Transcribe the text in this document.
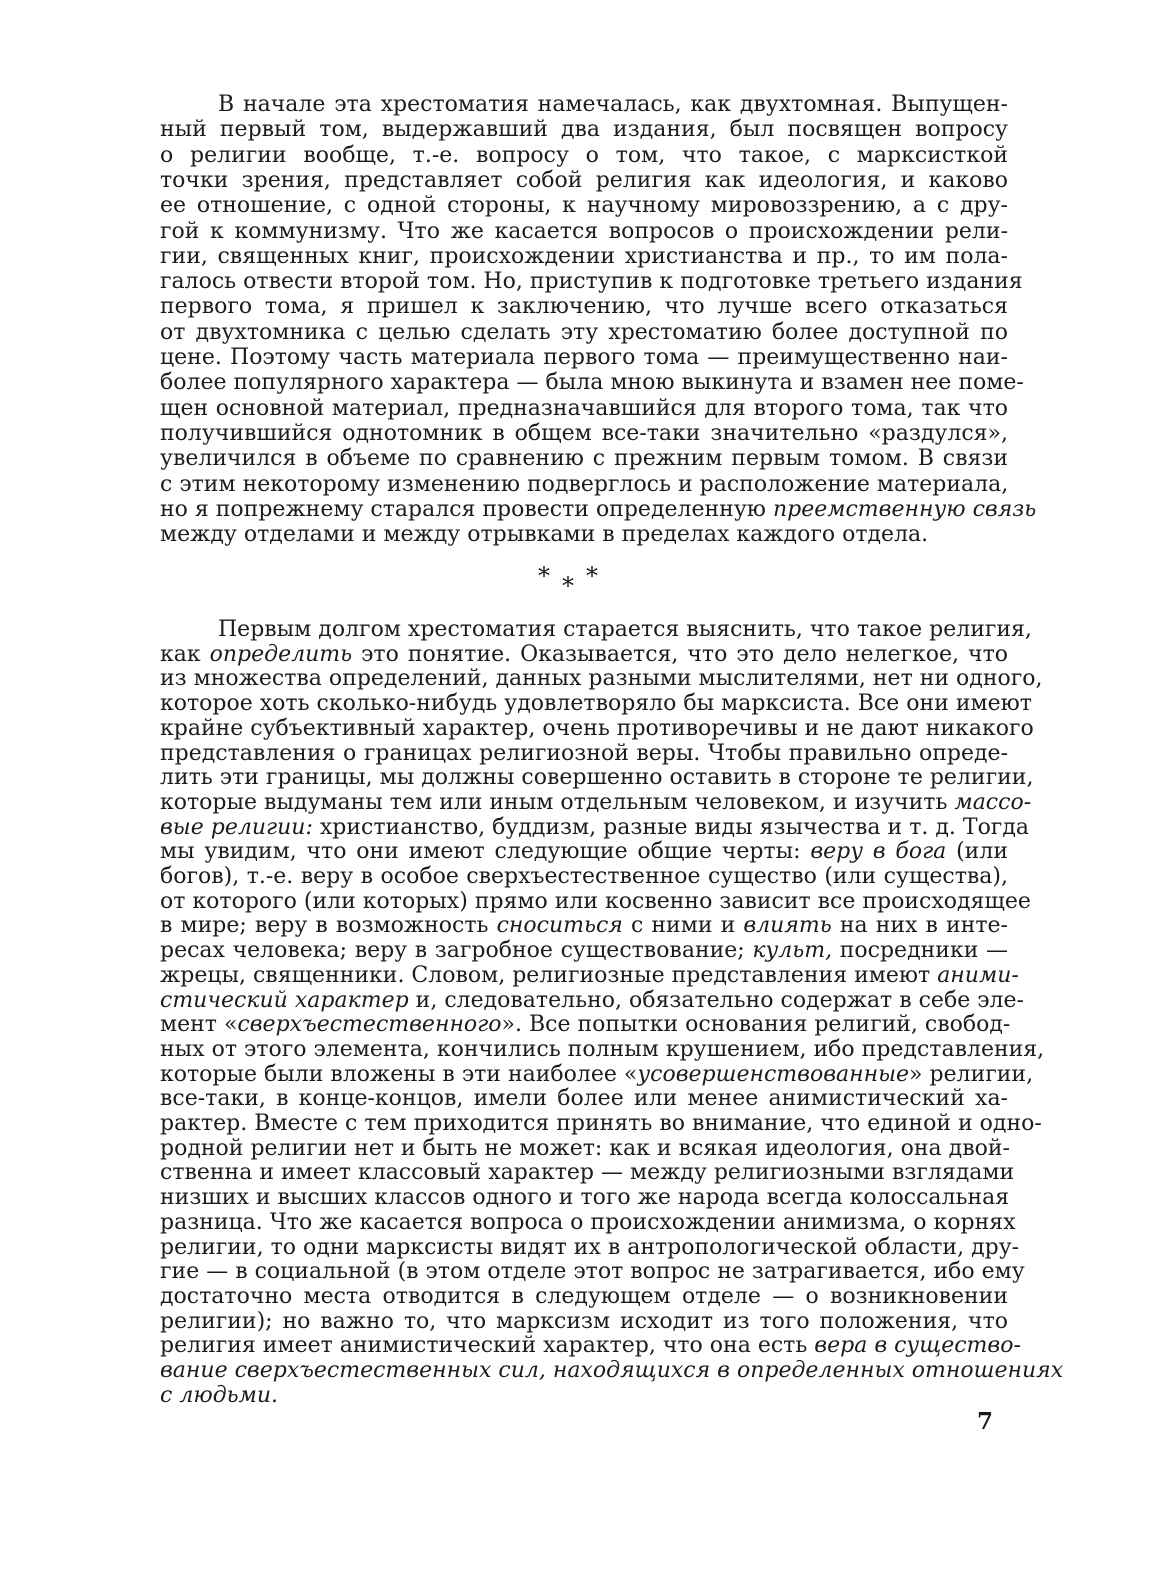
В начале эта хрестоматия намечалась, как двухтомная. Выпущен-
ный первый том, выдержавший два издания, был посвящен вопросу
о религии вообще, т.-е. вопросу о том, что такое, с марксисткой
точки зрения, представляет собой религия как идеология, и каково
ее отношение, с одной стороны, к научному мировоззрению, а с дру-
гой к коммунизму. Что же касается вопросов о происхождении рели-
гии, священных книг, происхождении христианства и пр., то им пола-
галось отвести второй том. Но, приступив к подготовке третьего издания
первого тома, я пришел к заключению, что лучше всего отказаться
от двухтомника с целью сделать эту хрестоматию более доступной по
цене. Поэтому часть материала первого тома — преимущественно наи-
более популярного характера — была мною выкинута и взамен нее поме-
щен основной материал, предназначавшийся для второго тома, так что
получившийся однотомник в общем все-таки значительно «раздулся»,
увеличился в объеме по сравнению с прежним первым томом. В связи
с этим некоторому изменению подверглось и расположение материала,
но я попрежнему старался провести определенную преемственную связь
между отделами и между отрывками в пределах каждого отдела.
* * *
Первым долгом хрестоматия старается выяснить, что такое религия,
как определить это понятие. Оказывается, что это дело нелегкое, что
из множества определений, данных разными мыслителями, нет ни одного,
которое хоть сколько-нибудь удовлетворяло бы марксиста. Все они имеют
крайне субъективный характер, очень противоречивы и не дают никакого
представления о границах религиозной веры. Чтобы правильно опреде-
лить эти границы, мы должны совершенно оставить в стороне те религии,
которые выдуманы тем или иным отдельным человеком, и изучить массо-
вые религии: христианство, буддизм, разные виды язычества и т. д. Тогда
мы увидим, что они имеют следующие общие черты: веру в бога (или
богов), т.-е. веру в особое сверхъестественное существо (или существа),
от которого (или которых) прямо или косвенно зависит все происходящее
в мире; веру в возможность сноситься с ними и влиять на них в инте-
ресах человека; веру в загробное существование; культ, посредники —
жрецы, священники. Словом, религиозные представления имеют аними-
стический характер и, следовательно, обязательно содержат в себе эле-
мент «сверхъестественного». Все попытки основания религий, свобод-
ных от этого элемента, кончились полным крушением, ибо представления,
которые были вложены в эти наиболее «усовершенствованные» религии,
все-таки, в конце-концов, имели более или менее анимистический ха-
рактер. Вместе с тем приходится принять во внимание, что единой и одно-
родной религии нет и быть не может: как и всякая идеология, она двой-
ственна и имеет классовый характер — между религиозными взглядами
низших и высших классов одного и того же народа всегда колоссальная
разница. Что же касается вопроса о происхождении анимизма, о корнях
религии, то одни марксисты видят их в антропологической области, дру-
гие — в социальной (в этом отделе этот вопрос не затрагивается, ибо ему
достаточно места отводится в следующем отделе — о возникновении
религии); но важно то, что марксизм исходит из того положения, что
религия имеет анимистический характер, что она есть вера в существо-
вание сверхъестественных сил, находящихся в определенных отношениях
с людьми.
7
